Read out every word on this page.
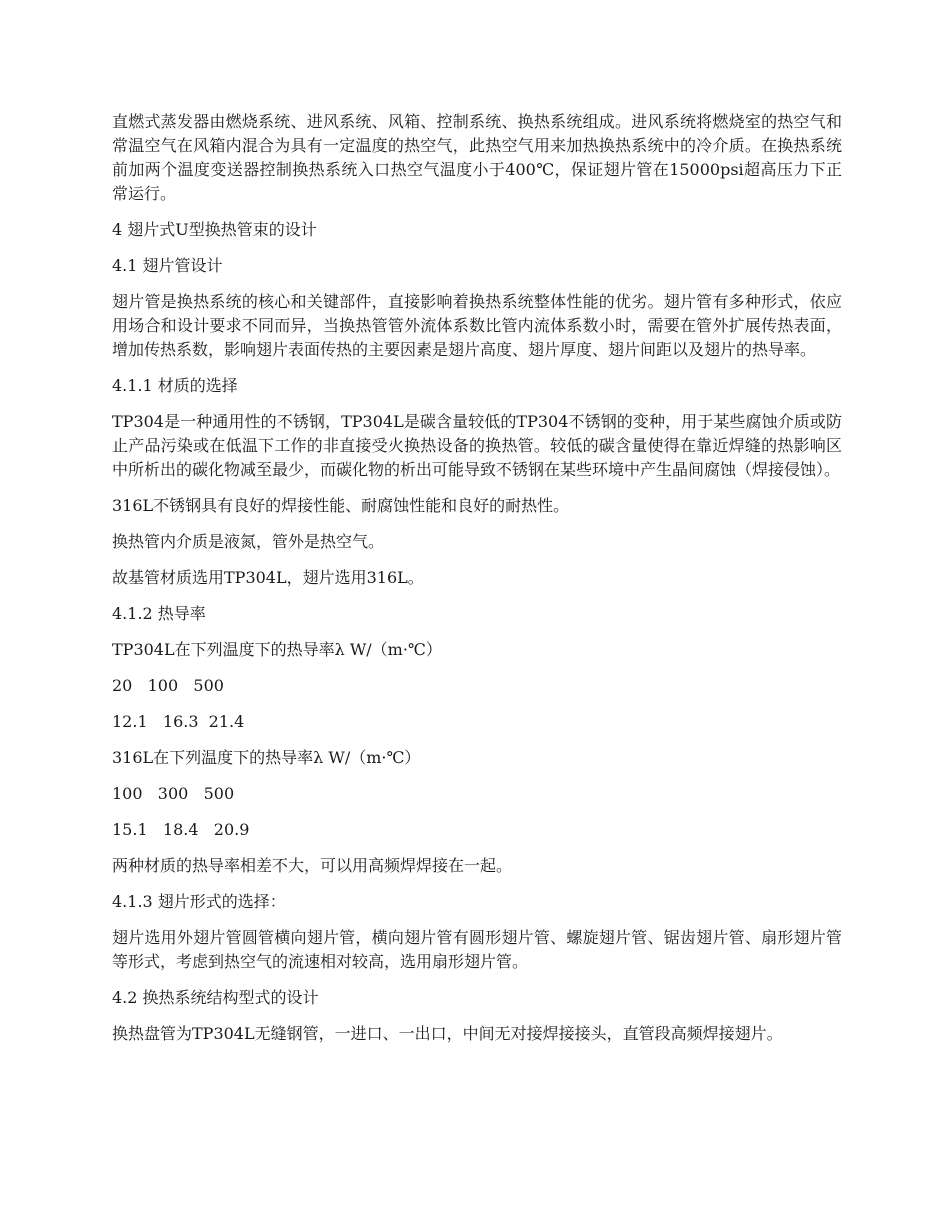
直燃式蒸发器由燃烧系统、进风系统、风箱、控制系统、换热系统组成。进风系统将燃烧室的热空气和常温空气在风箱内混合为具有一定温度的热空气，此热空气用来加热换热系统中的冷介质。在换热系统前加两个温度变送器控制换热系统入口热空气温度小于400℃，保证翅片管在15000psi超高压力下正常运行。

4 翅片式U型换热管束的设计

4.1 翅片管设计

翅片管是换热系统的核心和关键部件，直接影响着换热系统整体性能的优劣。翅片管有多种形式，依应用场合和设计要求不同而异，当换热管管外流体系数比管内流体系数小时，需要在管外扩展传热表面，增加传热系数，影响翅片表面传热的主要因素是翅片高度、翅片厚度、翅片间距以及翅片的热导率。

4.1.1 材质的选择

TP304是一种通用性的不锈钢，TP304L是碳含量较低的TP304不锈钢的变种，用于某些腐蚀介质或防止产品污染或在低温下工作的非直接受火换热设备的换热管。较低的碳含量使得在靠近焊缝的热影响区中所析出的碳化物减至最少，而碳化物的析出可能导致不锈钢在某些环境中产生晶间腐蚀（焊接侵蚀）。

316L不锈钢具有良好的焊接性能、耐腐蚀性能和良好的耐热性。

换热管内介质是液氮，管外是热空气。

故基管材质选用TP304L，翅片选用316L。

4.1.2 热导率

TP304L在下列温度下的热导率λ W/（m·℃）

20   100   500

12.1   16.3  21.4

316L在下列温度下的热导率λ W/（m·℃）

100   300   500

15.1   18.4   20.9

两种材质的热导率相差不大，可以用高频焊焊接在一起。

4.1.3 翅片形式的选择：

翅片选用外翅片管圆管横向翅片管，横向翅片管有圆形翅片管、螺旋翅片管、锯齿翅片管、扇形翅片管等形式，考虑到热空气的流速相对较高，选用扇形翅片管。

4.2 换热系统结构型式的设计

换热盘管为TP304L无缝钢管，一进口、一出口，中间无对接焊接接头，直管段高频焊接翅片。
